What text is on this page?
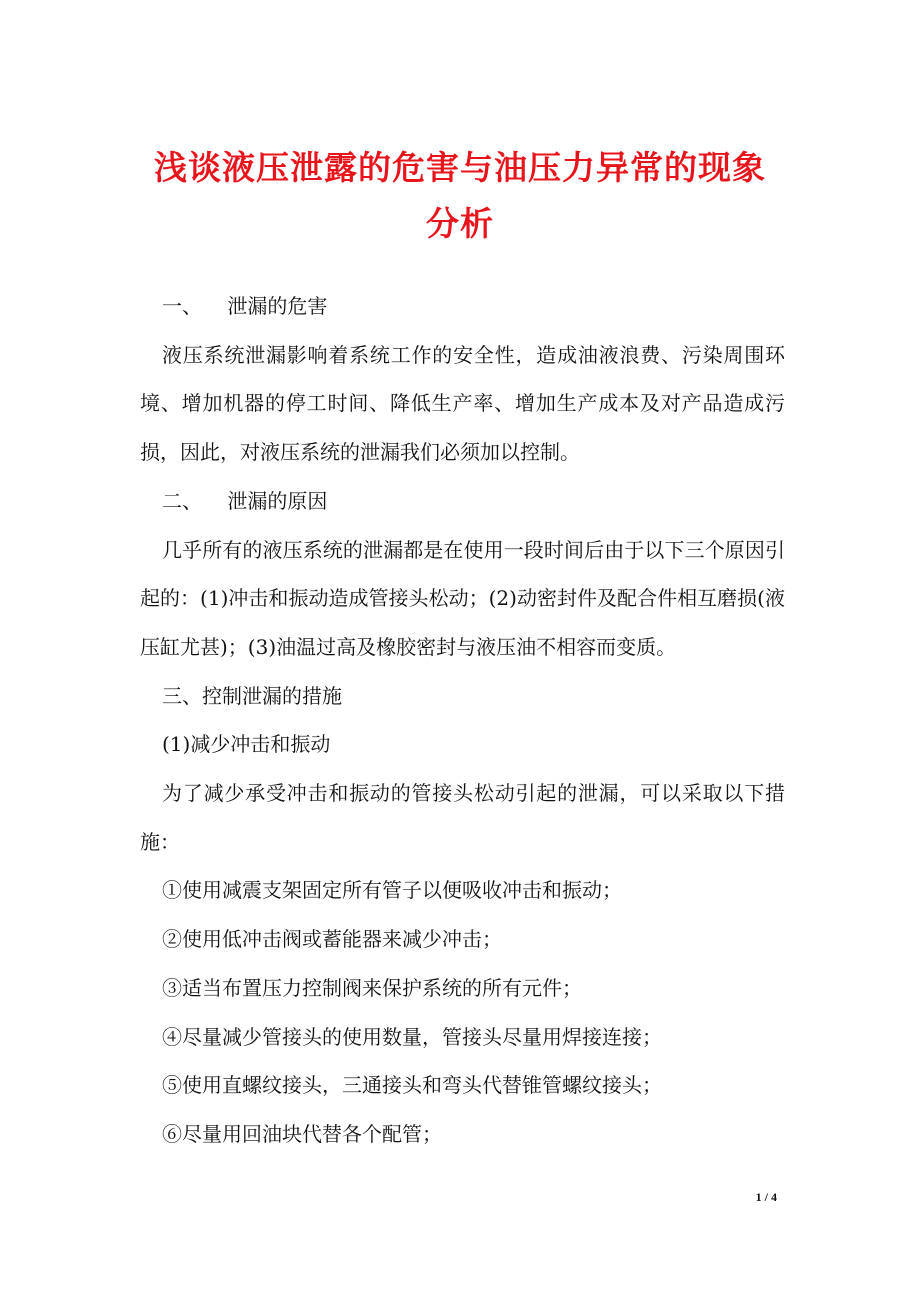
浅谈液压泄露的危害与油压力异常的现象
分析

一、    泄漏的危害

液压系统泄漏影响着系统工作的安全性，造成油液浪费、污染周围环境、增加机器的停工时间、降低生产率、增加生产成本及对产品造成污损，因此，对液压系统的泄漏我们必须加以控制。

二、    泄漏的原因

几乎所有的液压系统的泄漏都是在使用一段时间后由于以下三个原因引起的：(1)冲击和振动造成管接头松动；(2)动密封件及配合件相互磨损(液压缸尤甚)；(3)油温过高及橡胶密封与液压油不相容而变质。

三、控制泄漏的措施

(1)减少冲击和振动

为了减少承受冲击和振动的管接头松动引起的泄漏，可以采取以下措施：

①使用减震支架固定所有管子以便吸收冲击和振动；

②使用低冲击阀或蓄能器来减少冲击；

③适当布置压力控制阀来保护系统的所有元件；

④尽量减少管接头的使用数量，管接头尽量用焊接连接；

⑤使用直螺纹接头，三通接头和弯头代替锥管螺纹接头；

⑥尽量用回油块代替各个配管；

1 / 4
